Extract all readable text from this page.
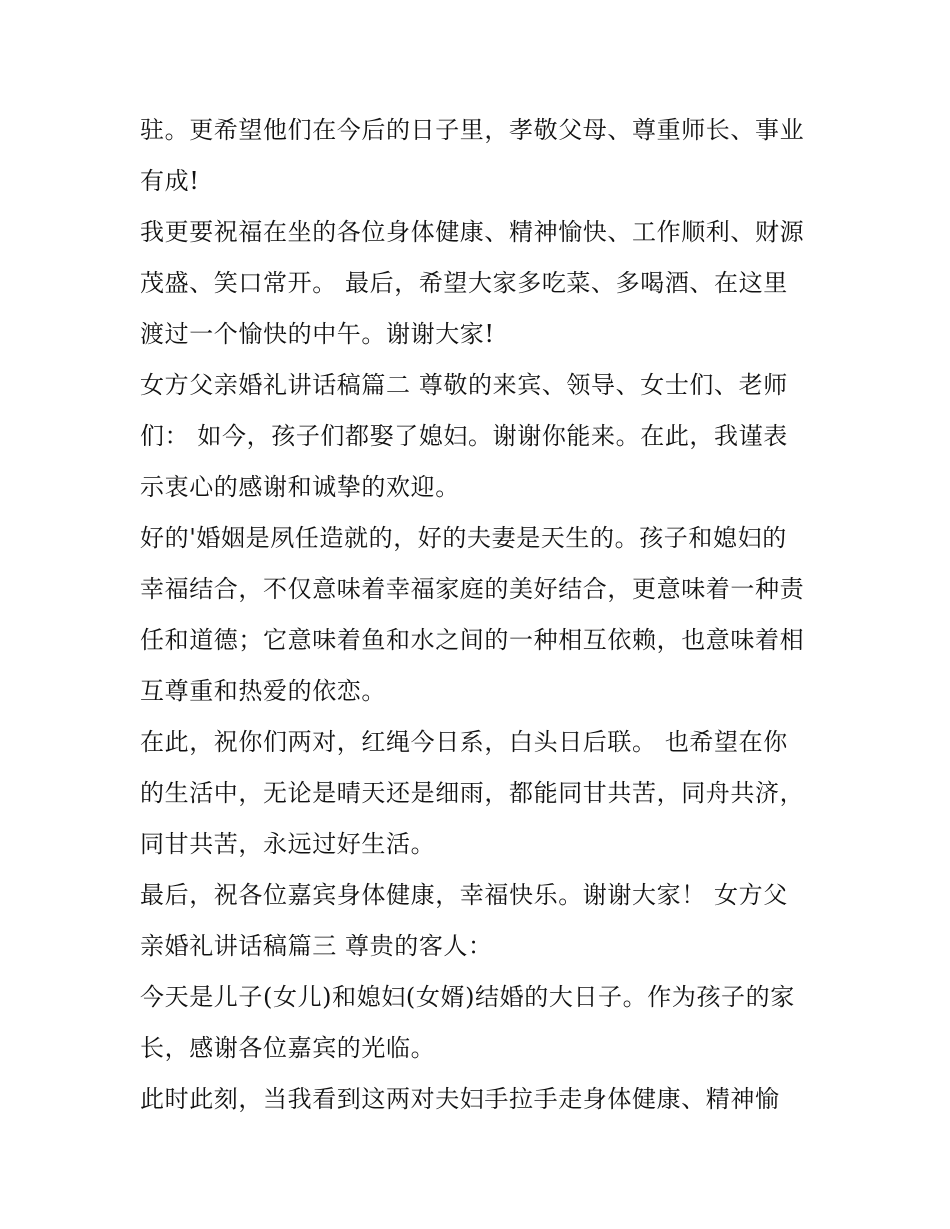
驻。更希望他们在今后的日子里，孝敬父母、尊重师长、事业
有成!
我更要祝福在坐的各位身体健康、精神愉快、工作顺利、财源
茂盛、笑口常开。 最后，希望大家多吃菜、多喝酒、在这里
渡过一个愉快的中午。谢谢大家!
女方父亲婚礼讲话稿篇二 尊敬的来宾、领导、女士们、老师
们： 如今，孩子们都娶了媳妇。谢谢你能来。在此，我谨表
示衷心的感谢和诚挚的欢迎。
好的'婚姻是夙任造就的，好的夫妻是天生的。孩子和媳妇的
幸福结合，不仅意味着幸福家庭的美好结合，更意味着一种责
任和道德；它意味着鱼和水之间的一种相互依赖，也意味着相
互尊重和热爱的依恋。
在此，祝你们两对，红绳今日系，白头日后联。 也希望在你
的生活中，无论是晴天还是细雨，都能同甘共苦，同舟共济，
同甘共苦，永远过好生活。
最后，祝各位嘉宾身体健康，幸福快乐。谢谢大家！ 女方父
亲婚礼讲话稿篇三 尊贵的客人：
今天是儿子(女儿)和媳妇(女婿)结婚的大日子。作为孩子的家
长，感谢各位嘉宾的光临。
此时此刻，当我看到这两对夫妇手拉手走身体健康、精神愉
